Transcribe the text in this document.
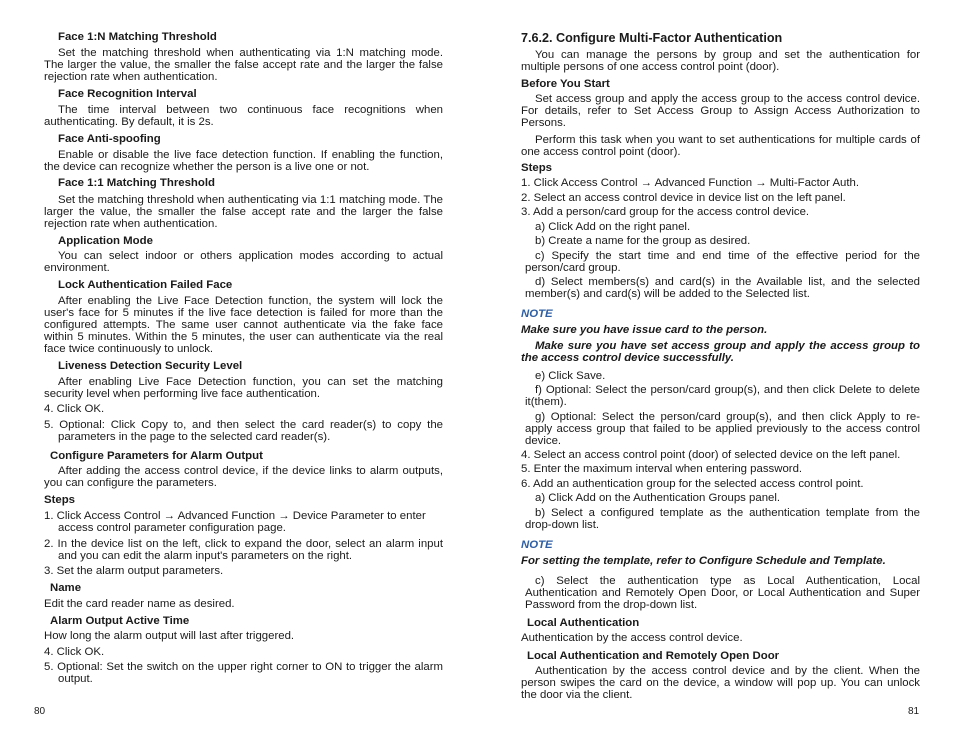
Face 1:N Matching Threshold
Set the matching threshold when authenticating via 1:N matching mode. The larger the value, the smaller the false accept rate and the larger the false rejection rate when authentication.
Face Recognition Interval
The time interval between two continuous face recognitions when authenticating. By default, it is 2s.
Face Anti-spoofing
Enable or disable the live face detection function. If enabling the function, the device can recognize whether the person is a live one or not.
Face 1:1 Matching Threshold
Set the matching threshold when authenticating via 1:1 matching mode. The larger the value, the smaller the false accept rate and the larger the false rejection rate when authentication.
Application Mode
You can select indoor or others application modes according to actual environment.
Lock Authentication Failed Face
After enabling the Live Face Detection function, the system will lock the user's face for 5 minutes if the live face detection is failed for more than the configured attempts. The same user cannot authenticate via the fake face within 5 minutes. Within the 5 minutes, the user can authenticate via the real face twice continuously to unlock.
Liveness Detection Security Level
After enabling Live Face Detection function, you can set the matching security level when performing live face authentication.
4. Click OK.
5. Optional: Click Copy to, and then select the card reader(s) to copy the parameters in the page to the selected card reader(s).
Configure Parameters for Alarm Output
After adding the access control device, if the device links to alarm outputs, you can configure the parameters.
Steps
1. Click Access Control → Advanced Function → Device Parameter to enter access control parameter configuration page.
2. In the device list on the left, click to expand the door, select an alarm input and you can edit the alarm input's parameters on the right.
3. Set the alarm output parameters.
Name
Edit the card reader name as desired.
Alarm Output Active Time
How long the alarm output will last after triggered.
4. Click OK.
5. Optional: Set the switch on the upper right corner to ON to trigger the alarm output.
7.6.2. Configure Multi-Factor Authentication
You can manage the persons by group and set the authentication for multiple persons of one access control point (door).
Before You Start
Set access group and apply the access group to the access control device. For details, refer to Set Access Group to Assign Access Authorization to Persons.
Perform this task when you want to set authentications for multiple cards of one access control point (door).
Steps
1. Click Access Control → Advanced Function → Multi-Factor Auth.
2. Select an access control device in device list on the left panel.
3. Add a person/card group for the access control device.
a) Click Add on the right panel.
b) Create a name for the group as desired.
c) Specify the start time and end time of the effective period for the person/card group.
d) Select members(s) and card(s) in the Available list, and the selected member(s) and card(s) will be added to the Selected list.
NOTE
Make sure you have issue card to the person.
Make sure you have set access group and apply the access group to the access control device successfully.
e) Click Save.
f) Optional: Select the person/card group(s), and then click Delete to delete it(them).
g) Optional: Select the person/card group(s), and then click Apply to re-apply access group that failed to be applied previously to the access control device.
4. Select an access control point (door) of selected device on the left panel.
5. Enter the maximum interval when entering password.
6. Add an authentication group for the selected access control point.
a) Click Add on the Authentication Groups panel.
b) Select a configured template as the authentication template from the drop-down list.
NOTE
For setting the template, refer to Configure Schedule and Template.
c) Select the authentication type as Local Authentication, Local Authentication and Remotely Open Door, or Local Authentication and Super Password from the drop-down list.
Local Authentication
Authentication by the access control device.
Local Authentication and Remotely Open Door
Authentication by the access control device and by the client. When the person swipes the card on the device, a window will pop up. You can unlock the door via the client.
80	81
